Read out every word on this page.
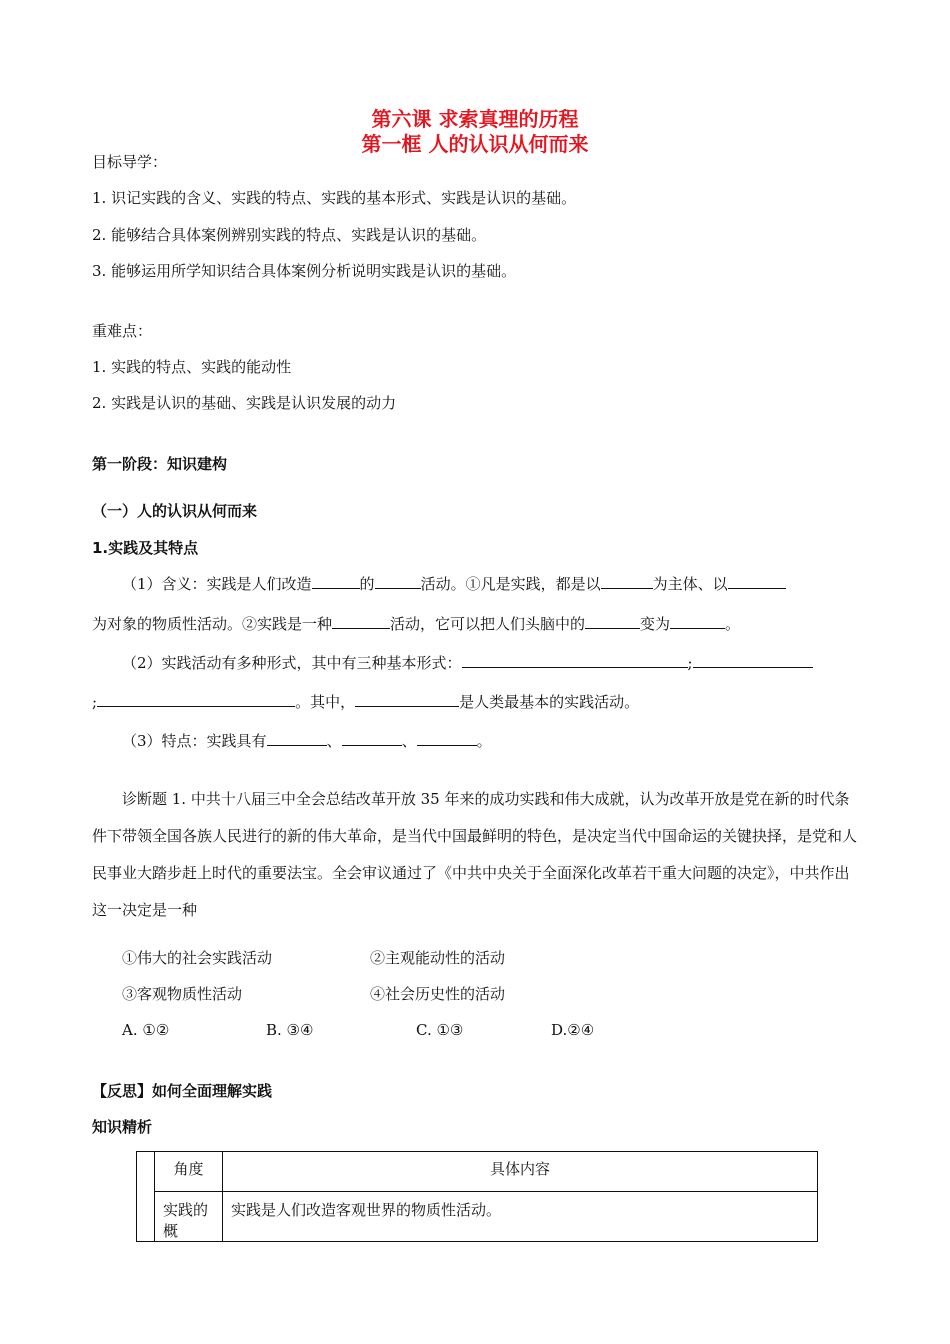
第六课 求索真理的历程
第一框 人的认识从何而来
目标导学：
1. 识记实践的含义、实践的特点、实践的基本形式、实践是认识的基础。
2. 能够结合具体案例辨别实践的特点、实践是认识的基础。
3. 能够运用所学知识结合具体案例分析说明实践是认识的基础。
重难点：
1. 实践的特点、实践的能动性
2. 实践是认识的基础、实践是认识发展的动力
第一阶段：知识建构
（一）人的认识从何而来
1.实践及其特点
（1）含义：实践是人们改造	的	活动。①凡是实践，都是以	为主体、以
为对象的物质性活动。②实践是一种	活动，它可以把人们头脑中的	变为	。
（2）实践活动有多种形式，其中有三种基本形式：	;
;	。其中，	是人类最基本的实践活动。
（3）特点：实践具有	、	、	。
诊断题 1. 中共十八届三中全会总结改革开放 35 年来的成功实践和伟大成就，认为改革开放是党在新的时代条件下带领全国各族人民进行的新的伟大革命，是当代中国最鲜明的特色，是决定当代中国命运的关键抉择，是党和人民事业大踏步赶上时代的重要法宝。全会审议通过了《中共中央关于全面深化改革若干重大问题的决定》，中共作出这一决定是一种
①伟大的社会实践活动	②主观能动性的活动
③客观物质性活动	④社会历史性的活动
A. ①②	B. ③④	C. ①③	D.②④
【反思】如何全面理解实践
知识精析
	角度	具体内容
	实践的概	实践是人们改造客观世界的物质性活动。
